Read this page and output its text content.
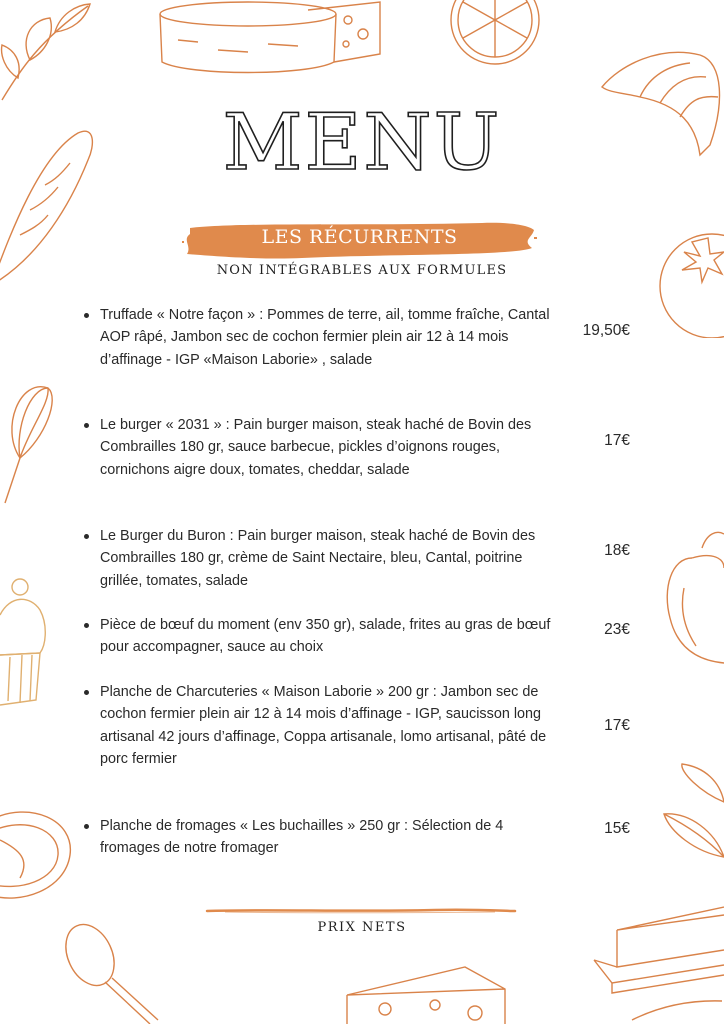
MENU
LES RÉCURRENTS
NON INTÉGRABLES AUX FORMULES
Truffade « Notre façon » : Pommes de terre, ail, tomme fraîche, Cantal AOP râpé, Jambon sec de cochon fermier plein air 12 à 14 mois d’affinage - IGP «Maison Laborie» , salade
19,50€
Le burger « 2031 » : Pain burger maison, steak haché de Bovin des Combrailles 180 gr, sauce barbecue, pickles d’oignons rouges, cornichons aigre doux, tomates, cheddar, salade
17€
Le Burger du Buron : Pain burger maison, steak haché de Bovin des Combrailles 180 gr, crème de Saint Nectaire, bleu, Cantal, poitrine grillée, tomates, salade
18€
Pièce de bœuf du moment (env 350 gr), salade, frites au gras de bœuf pour accompagner, sauce au choix
23€
Planche de Charcuteries « Maison Laborie » 200 gr : Jambon sec de cochon fermier plein air 12 à 14 mois d’affinage - IGP, saucisson long artisanal 42 jours d’affinage, Coppa artisanale, lomo artisanal, pâté de porc fermier
17€
Planche de fromages « Les buchailles » 250 gr : Sélection de 4 fromages de notre fromager
15€
PRIX NETS
